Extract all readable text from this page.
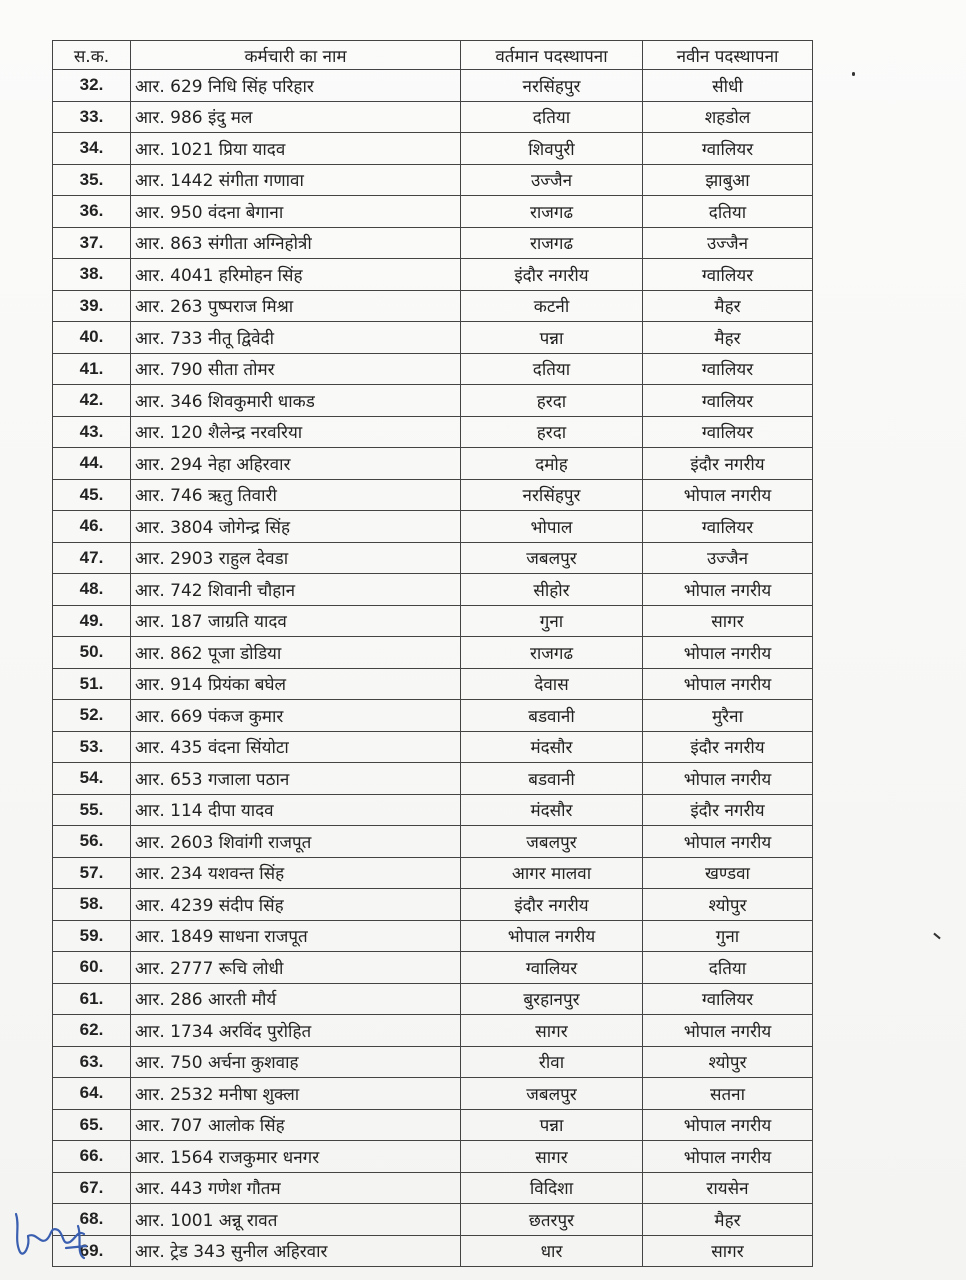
स.क.	कर्मचारी का नाम	वर्तमान पदस्थापना	नवीन पदस्थापना
32.	आर. 629 निधि सिंह परिहार	नरसिंहपुर	सीधी
33.	आर. 986 इंदु मल	दतिया	शहडोल
34.	आर. 1021 प्रिया यादव	शिवपुरी	ग्वालियर
35.	आर. 1442 संगीता गणावा	उज्जैन	झाबुआ
36.	आर. 950 वंदना बेगाना	राजगढ	दतिया
37.	आर. 863 संगीता अग्निहोत्री	राजगढ	उज्जैन
38.	आर. 4041 हरिमोहन सिंह	इंदौर नगरीय	ग्वालियर
39.	आर. 263 पुष्पराज मिश्रा	कटनी	मैहर
40.	आर. 733 नीतू द्विवेदी	पन्ना	मैहर
41.	आर. 790 सीता तोमर	दतिया	ग्वालियर
42.	आर. 346 शिवकुमारी धाकड	हरदा	ग्वालियर
43.	आर. 120 शैलेन्द्र नरवरिया	हरदा	ग्वालियर
44.	आर. 294 नेहा अहिरवार	दमोह	इंदौर नगरीय
45.	आर. 746 ऋतु तिवारी	नरसिंहपुर	भोपाल नगरीय
46.	आर. 3804 जोगेन्द्र सिंह	भोपाल	ग्वालियर
47.	आर. 2903 राहुल देवडा	जबलपुर	उज्जैन
48.	आर. 742 शिवानी चौहान	सीहोर	भोपाल नगरीय
49.	आर. 187 जाग्रति यादव	गुना	सागर
50.	आर. 862 पूजा डोडिया	राजगढ	भोपाल नगरीय
51.	आर. 914 प्रियंका बघेल	देवास	भोपाल नगरीय
52.	आर. 669 पंकज कुमार	बडवानी	मुरैना
53.	आर. 435 वंदना सिंयोटा	मंदसौर	इंदौर नगरीय
54.	आर. 653 गजाला पठान	बडवानी	भोपाल नगरीय
55.	आर. 114 दीपा यादव	मंदसौर	इंदौर नगरीय
56.	आर. 2603 शिवांगी राजपूत	जबलपुर	भोपाल नगरीय
57.	आर. 234 यशवन्त सिंह	आगर मालवा	खण्डवा
58.	आर. 4239 संदीप सिंह	इंदौर नगरीय	श्योपुर
59.	आर. 1849 साधना राजपूत	भोपाल नगरीय	गुना
60.	आर. 2777 रूचि लोधी	ग्वालियर	दतिया
61.	आर. 286 आरती मौर्य	बुरहानपुर	ग्वालियर
62.	आर. 1734 अरविंद पुरोहित	सागर	भोपाल नगरीय
63.	आर. 750 अर्चना कुशवाह	रीवा	श्योपुर
64.	आर. 2532 मनीषा शुक्ला	जबलपुर	सतना
65.	आर. 707 आलोक सिंह	पन्ना	भोपाल नगरीय
66.	आर. 1564 राजकुमार धनगर	सागर	भोपाल नगरीय
67.	आर. 443 गणेश गौतम	विदिशा	रायसेन
68.	आर. 1001 अन्नू रावत	छतरपुर	मैहर
69.	आर. ट्रेड 343 सुनील अहिरवार	धार	सागर
